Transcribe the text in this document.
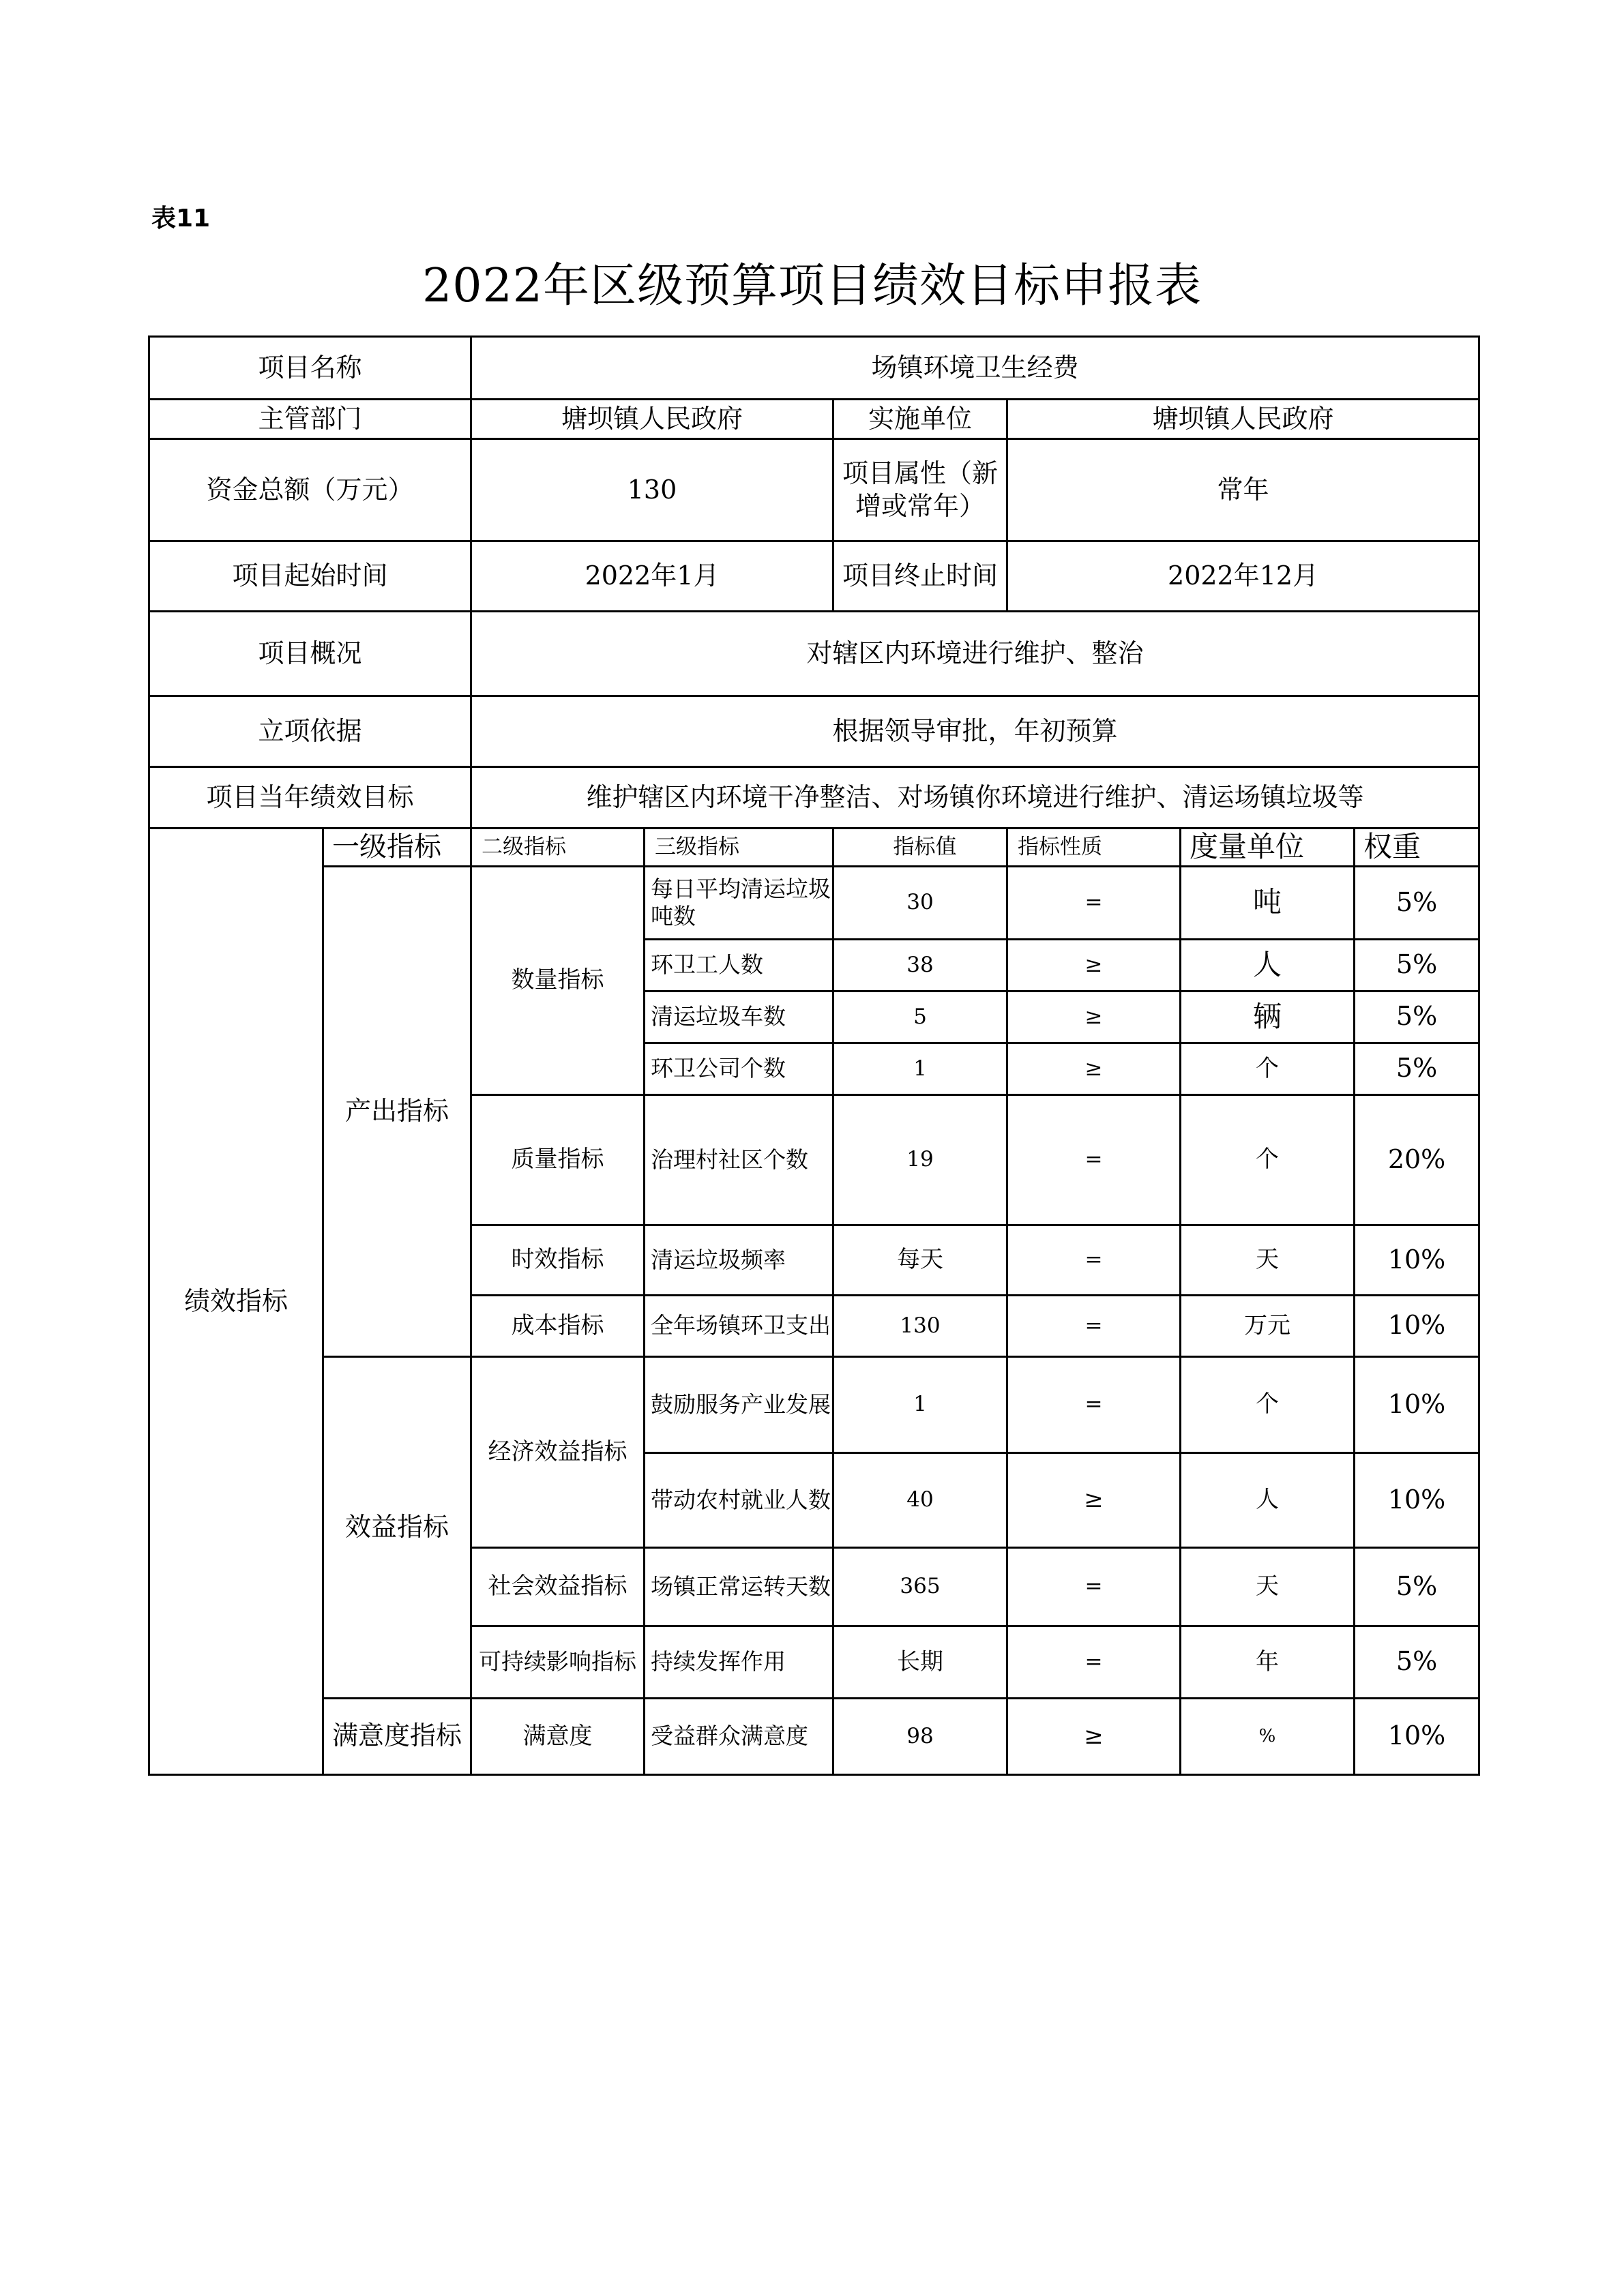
表11
2022年区级预算项目绩效目标申报表
项目名称		场镇环境卫生经费					
主管部门		塘坝镇人民政府		实施单位	塘坝镇人民政府		
资金总额（万元）		130		项目属性（新增或常年）	常年		
项目起始时间		2022年1月		项目终止时间	2022年12月		
项目概况		对辖区内环境进行维护、整治					
立项依据		根据领导审批，年初预算					
项目当年绩效目标		维护辖区内环境干净整洁、对场镇你环境进行维护、清运场镇垃圾等					
绩效指标	一级指标	二级指标	三级指标	指标值	指标性质	度量单位	权重
	产出指标	数量指标	每日平均清运垃圾吨数	30	=	吨	5%
			环卫工人数	38	≥	人	5%
			清运垃圾车数	5	≥	辆	5%
			环卫公司个数	1	≥	个	5%
		质量指标	治理村社区个数	19	=	个	20%
		时效指标	清运垃圾频率	每天	=	天	10%
		成本指标	全年场镇环卫支出	130	=	万元	10%
	效益指标	经济效益指标	鼓励服务产业发展	1	=	个	10%
			带动农村就业人数	40	≥	人	10%
		社会效益指标	场镇正常运转天数	365	=	天	5%
		可持续影响指标	持续发挥作用	长期	=	年	5%
	满意度指标	满意度	受益群众满意度	98	≥	%	10%
